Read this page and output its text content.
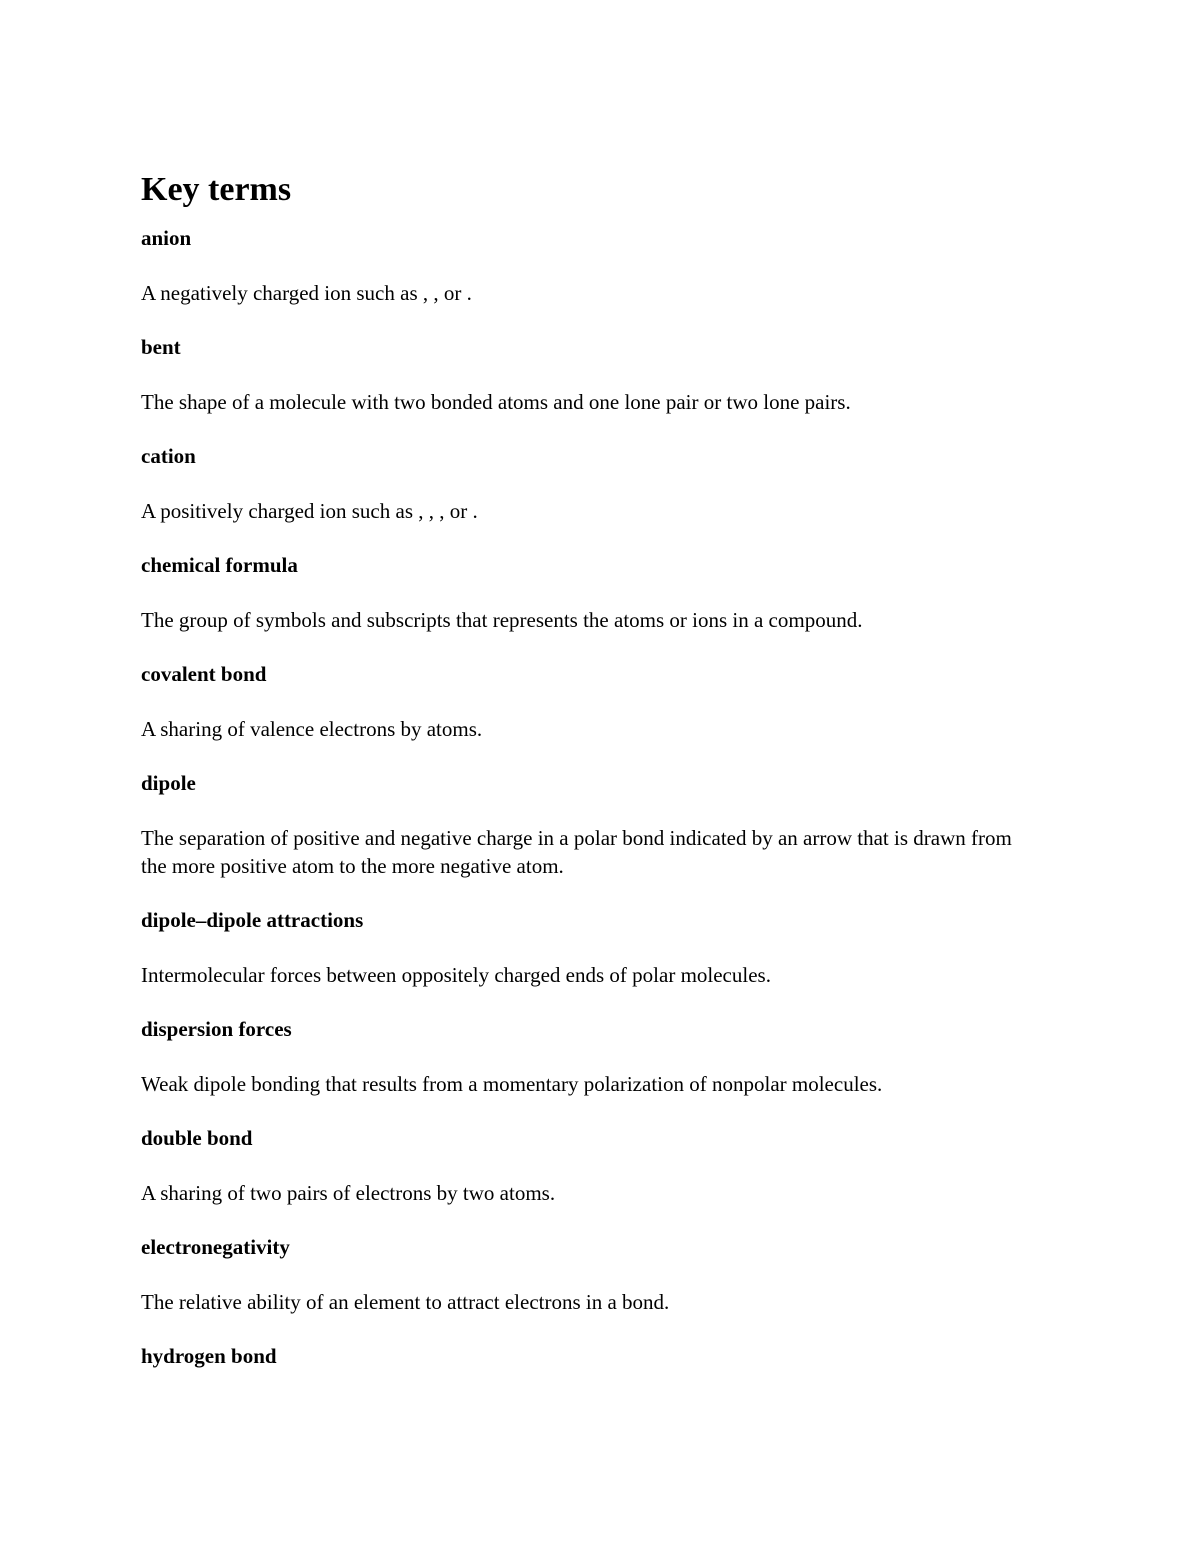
Key terms
anion
A negatively charged ion such as , , or .
bent
The shape of a molecule with two bonded atoms and one lone pair or two lone pairs.
cation
A positively charged ion such as , , , or .
chemical formula
The group of symbols and subscripts that represents the atoms or ions in a compound.
covalent bond
A sharing of valence electrons by atoms.
dipole
The separation of positive and negative charge in a polar bond indicated by an arrow that is drawn from the more positive atom to the more negative atom.
dipole–dipole attractions
Intermolecular forces between oppositely charged ends of polar molecules.
dispersion forces
Weak dipole bonding that results from a momentary polarization of nonpolar molecules.
double bond
A sharing of two pairs of electrons by two atoms.
electronegativity
The relative ability of an element to attract electrons in a bond.
hydrogen bond
